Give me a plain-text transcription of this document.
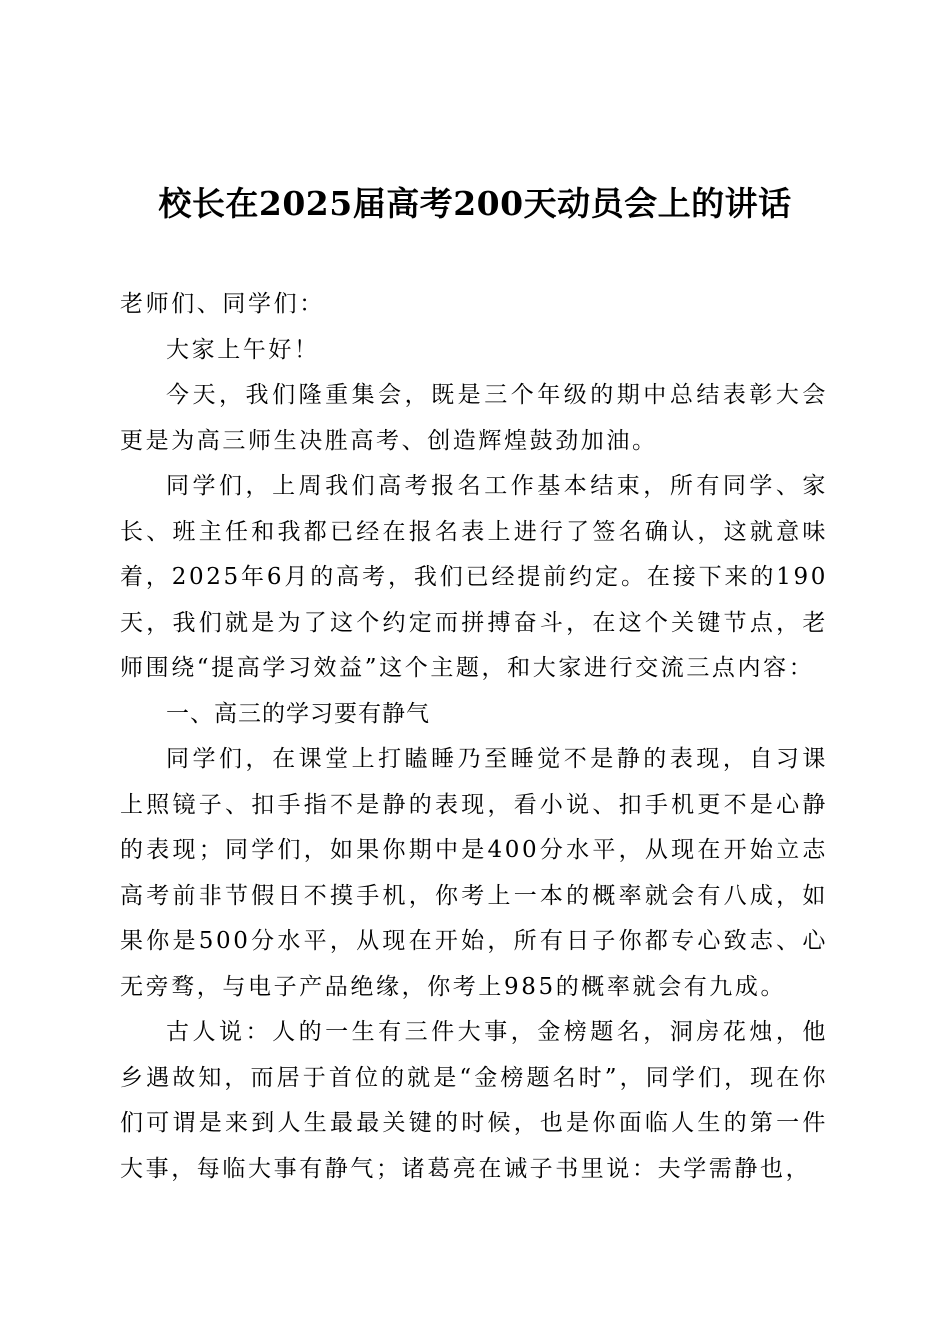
校长在2025届高考200天动员会上的讲话

老师们、同学们：

大家上午好！

今天，我们隆重集会，既是三个年级的期中总结表彰大会更是为高三师生决胜高考、创造辉煌鼓劲加油。

同学们，上周我们高考报名工作基本结束，所有同学、家长、班主任和我都已经在报名表上进行了签名确认，这就意味着，2025年6月的高考，我们已经提前约定。在接下来的190天，我们就是为了这个约定而拼搏奋斗，在这个关键节点，老师围绕“提高学习效益”这个主题，和大家进行交流三点内容：

一、高三的学习要有静气

同学们，在课堂上打瞌睡乃至睡觉不是静的表现，自习课上照镜子、扣手指不是静的表现，看小说、扣手机更不是心静的表现；同学们，如果你期中是400分水平，从现在开始立志高考前非节假日不摸手机，你考上一本的概率就会有八成，如果你是500分水平，从现在开始，所有日子你都专心致志、心无旁骛，与电子产品绝缘，你考上985的概率就会有九成。

古人说：人的一生有三件大事，金榜题名，洞房花烛，他乡遇故知，而居于首位的就是“金榜题名时”，同学们，现在你们可谓是来到人生最最关键的时候，也是你面临人生的第一件大事，每临大事有静气；诸葛亮在诫子书里说：夫学需静也，
